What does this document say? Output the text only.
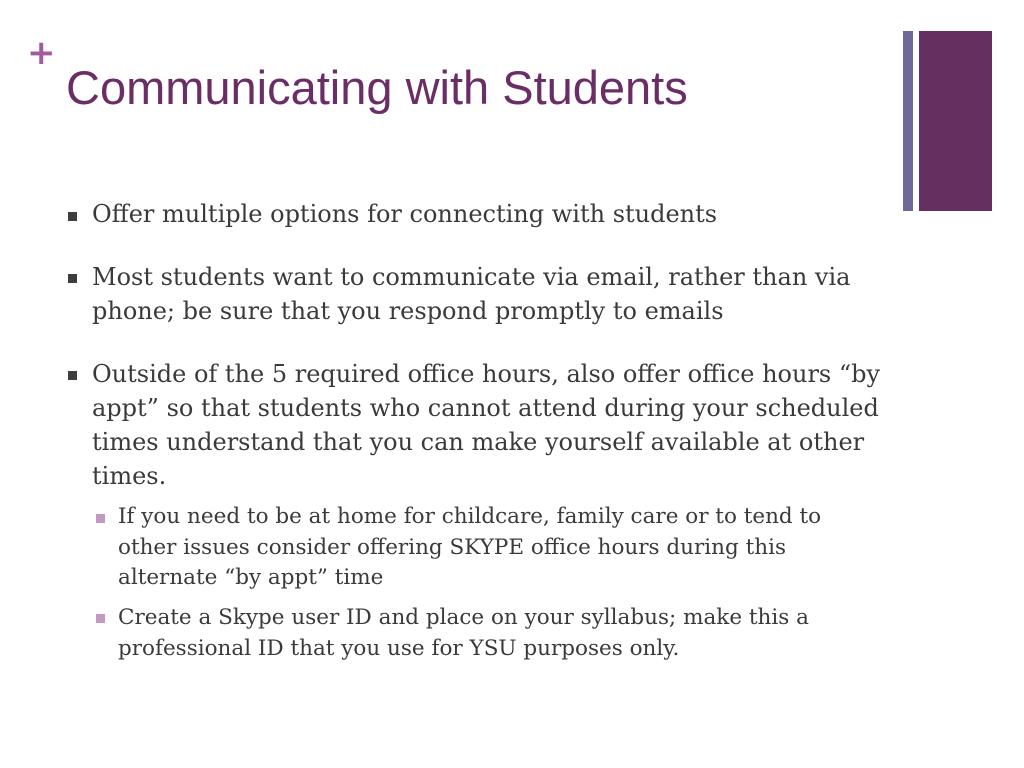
+
Communicating with Students
Offer multiple options for connecting with students
Most students want to communicate via email, rather than via phone; be sure that you respond promptly to emails
Outside of the 5 required office hours, also offer office hours “by appt” so that students who cannot attend during your scheduled times understand that you can make yourself available at other times.
If you need to be at home for childcare, family care or to tend to other issues consider offering SKYPE office hours during this alternate “by appt” time
Create a Skype user ID and place on your syllabus; make this a professional ID that you use for YSU purposes only.
